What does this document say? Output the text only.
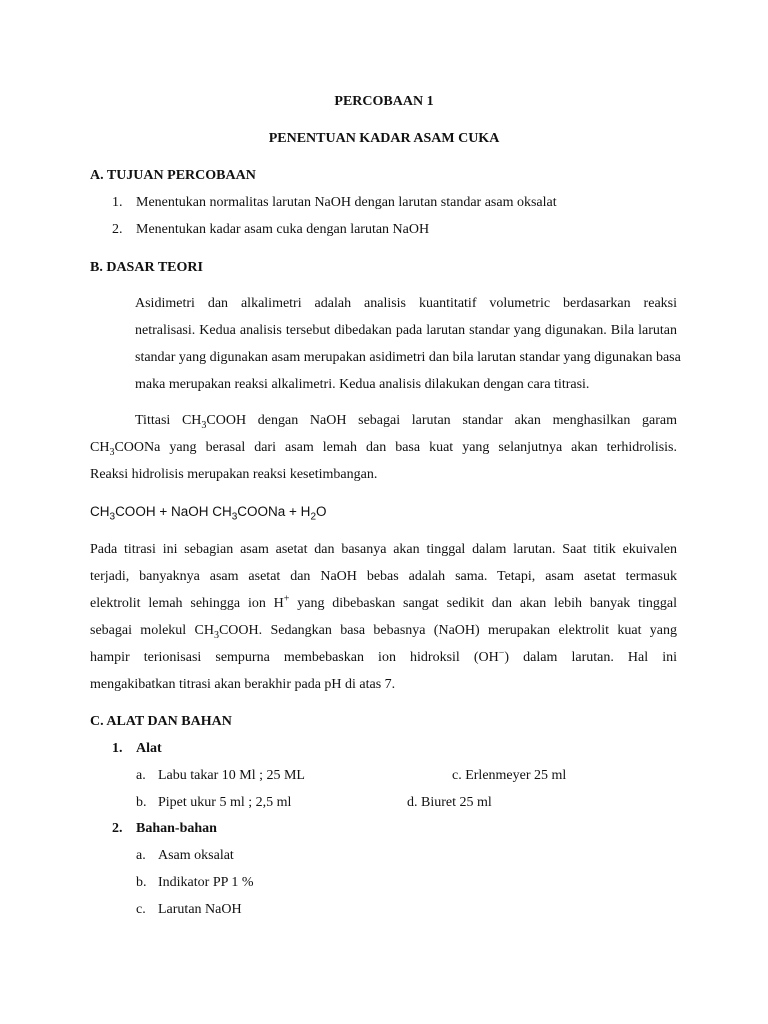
PERCOBAAN 1
PENENTUAN KADAR ASAM CUKA
A. TUJUAN PERCOBAAN
1. Menentukan normalitas larutan NaOH dengan larutan standar asam oksalat
2. Menentukan kadar asam cuka dengan larutan NaOH
B. DASAR TEORI
Asidimetri dan alkalimetri adalah analisis kuantitatif volumetric berdasarkan reaksi
netralisasi. Kedua analisis tersebut dibedakan pada larutan standar yang digunakan. Bila larutan
standar yang digunakan asam merupakan asidimetri dan bila larutan standar yang digunakan basa
maka merupakan reaksi alkalimetri. Kedua analisis dilakukan dengan cara titrasi.
Tittasi $CH_3COOH$ dengan NaOH sebagai larutan standar akan menghasilkan garam
$CH_3COONa$ yang berasal dari asam lemah dan basa kuat yang selanjutnya akan terhidrolisis.
Reaksi hidrolisis merupakan reaksi kesetimbangan.
$CH_3COOH$ + NaOH $CH_3COONa + H_2O$
Pada titrasi ini sebagian asam asetat dan basanya akan tinggal dalam larutan. Saat titik ekuivalen
terjadi, banyaknya asam asetat dan NaOH bebas adalah sama. Tetapi, asam asetat termasuk
elektrolit lemah sehingga ion H+ yang dibebaskan sangat sedikit dan akan lebih banyak tinggal
sebagai molekul $CH_3COOH$. Sedangkan basa bebasnya (NaOH) merupakan elektrolit kuat yang
hampir terionisasi sempurna membebaskan ion hidroksil (OH−) dalam larutan. Hal ini
mengakibatkan titrasi akan berakhir pada pH di atas 7.
C. ALAT DAN BAHAN
1. Alat
a. Labu takar 10 Ml ; 25 ML	c. Erlenmeyer 25 ml
b. Pipet ukur 5 ml ; 2,5 ml	d. Biuret 25 ml
2. Bahan-bahan
a. Asam oksalat
b. Indikator PP 1 %
c. Larutan NaOH
